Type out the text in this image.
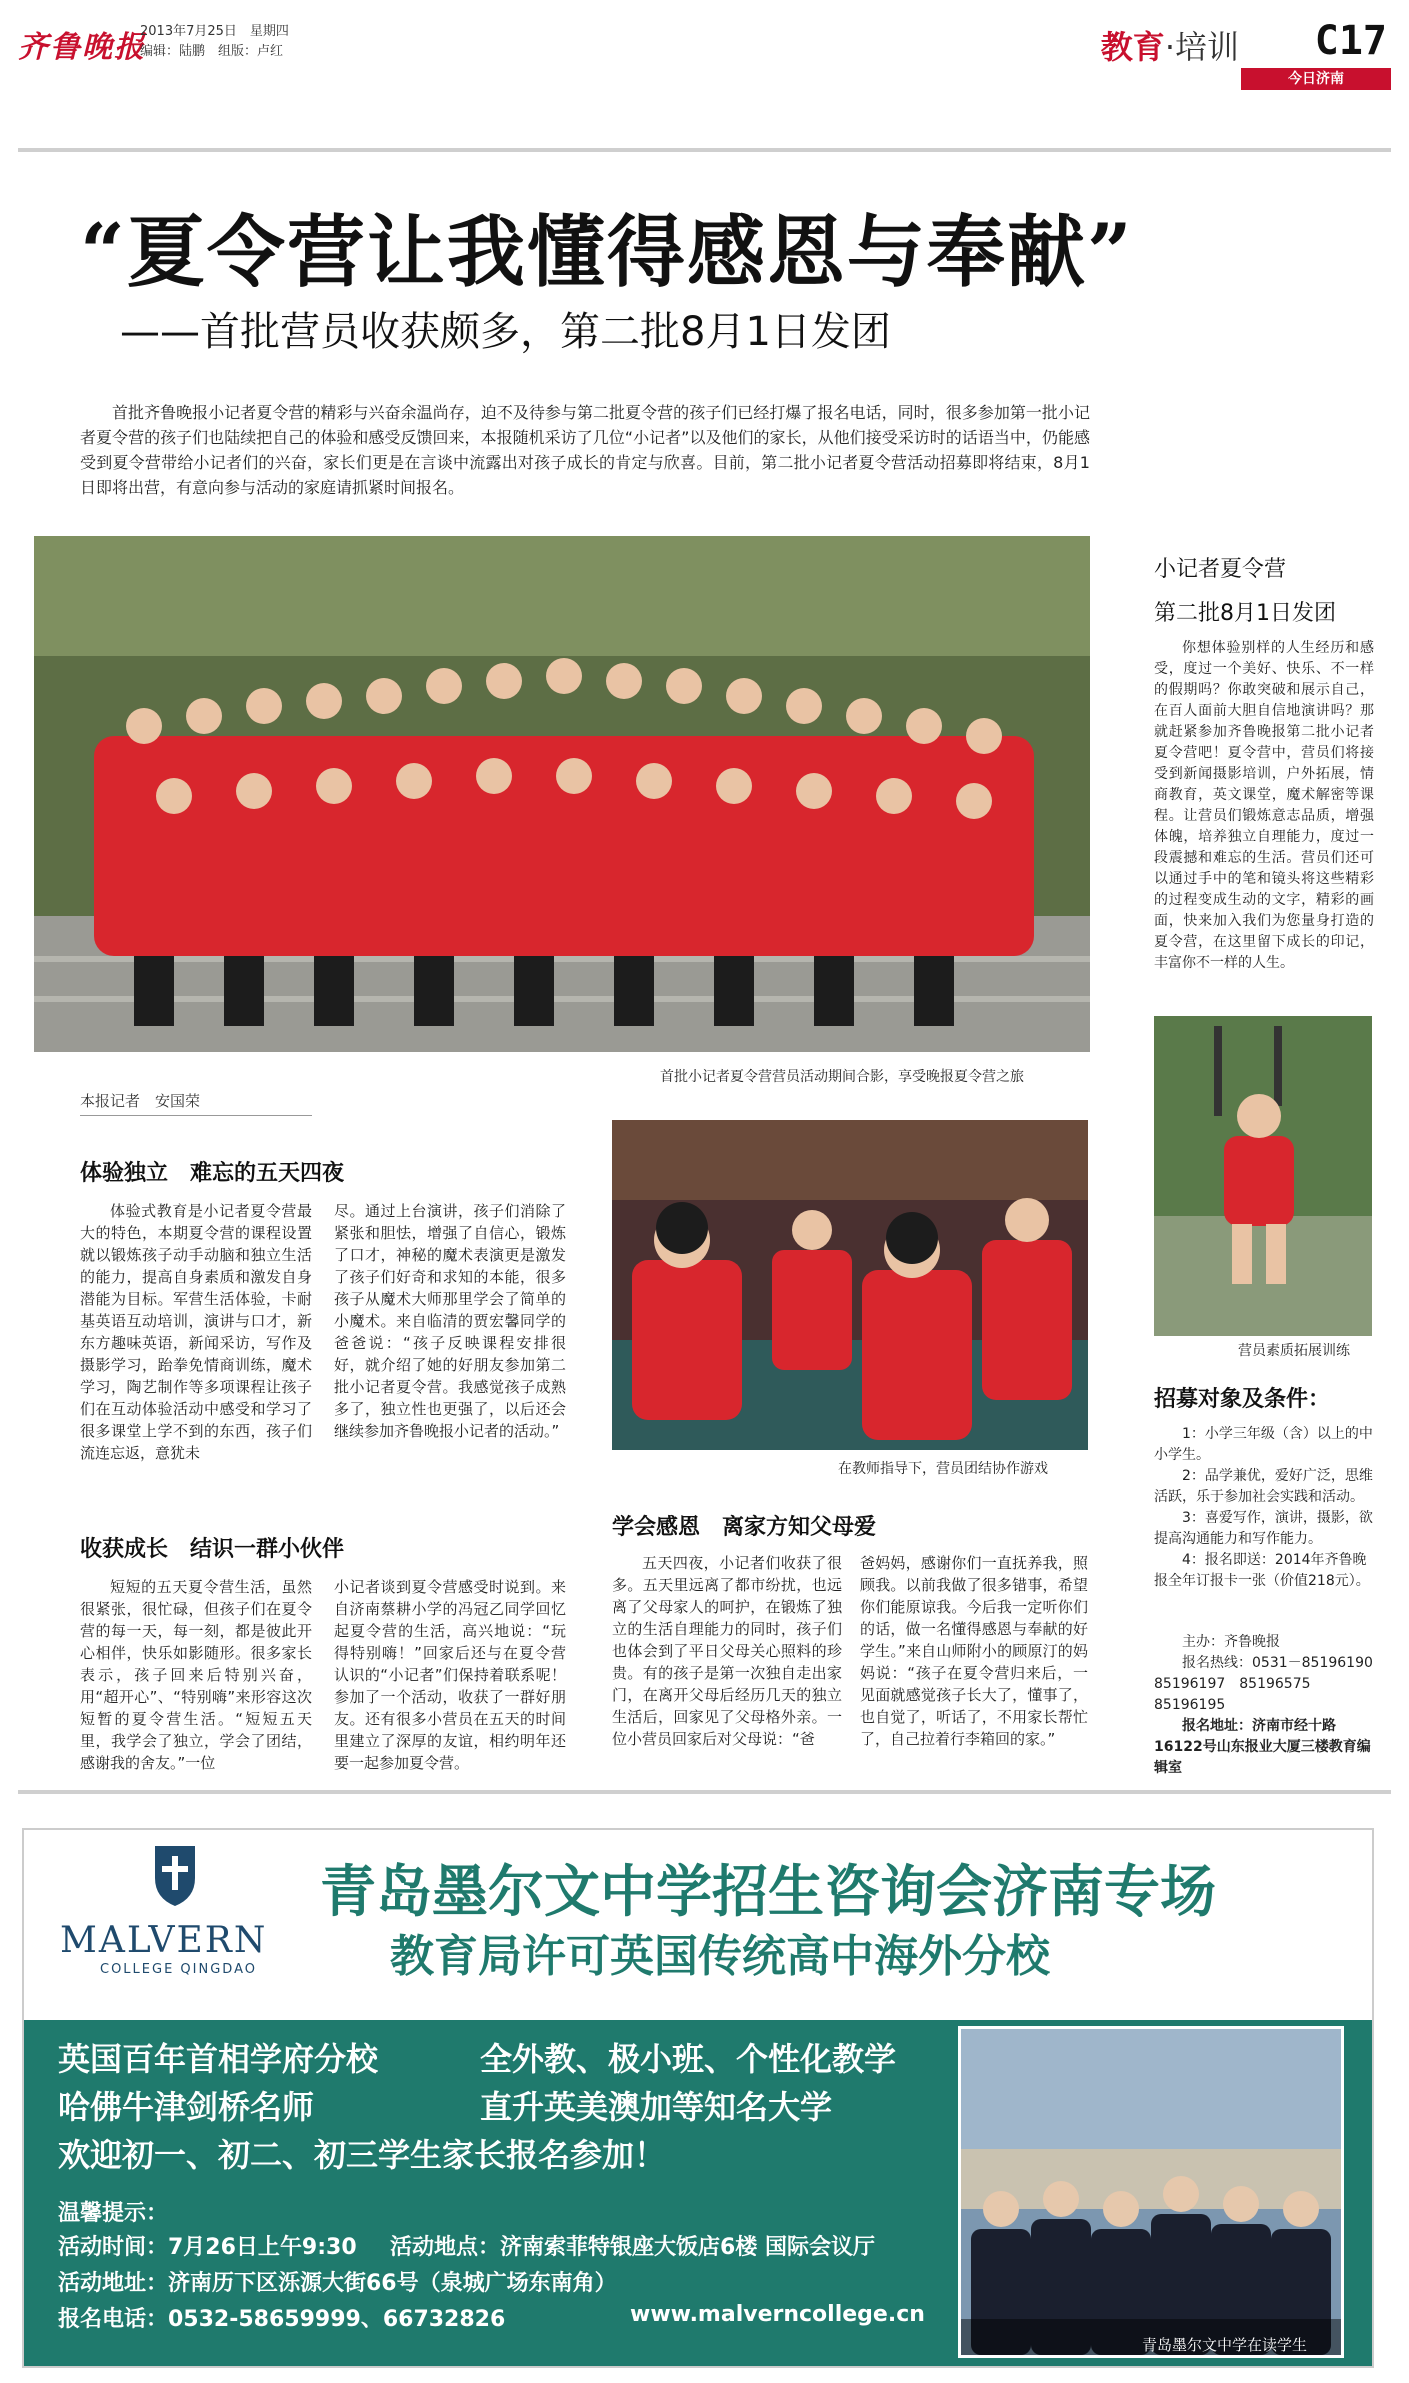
齐鲁晚报
2013年7月25日　星期四
编辑：陆鹏　组版：卢红	教育·培训 C17
今日济南
“夏令营让我懂得感恩与奉献”
——首批营员收获颇多，第二批8月1日发团
首批齐鲁晚报小记者夏令营的精彩与兴奋余温尚存，迫不及待参与第二批夏令营的孩子们已经打爆了报名电话，同时，很多参加第一批小记者夏令营的孩子们也陆续把自己的体验和感受反馈回来，本报随机采访了几位“小记者”以及他们的家长，从他们接受采访时的话语当中，仍能感受到夏令营带给小记者们的兴奋，家长们更是在言谈中流露出对孩子成长的肯定与欣喜。目前，第二批小记者夏令营活动招募即将结束，8月1日即将出营，有意向参与活动的家庭请抓紧时间报名。
首批小记者夏令营营员活动期间合影，享受晚报夏令营之旅
本报记者　安国荣
体验独立　难忘的五天四夜
体验式教育是小记者夏令营最大的特色，本期夏令营的课程设置就以锻炼孩子动手动脑和独立生活的能力，提高自身素质和激发自身潜能为目标。军营生活体验，卡耐基英语互动培训，演讲与口才，新东方趣味英语，新闻采访，写作及摄影学习，跆拳免情商训练，魔术学习，陶艺制作等多项课程让孩子们在互动体验活动中感受和学习了很多课堂上学不到的东西，孩子们流连忘返，意犹未
尽。通过上台演讲，孩子们消除了紧张和胆怯，增强了自信心，锻炼了口才，神秘的魔术表演更是激发了孩子们好奇和求知的本能，很多孩子从魔术大师那里学会了简单的小魔术。来自临清的贾宏馨同学的爸爸说：“孩子反映课程安排很好，就介绍了她的好朋友参加第二批小记者夏令营。我感觉孩子成熟多了，独立性也更强了，以后还会继续参加齐鲁晚报小记者的活动。”
收获成长　结识一群小伙伴
短短的五天夏令营生活，虽然很紧张，很忙碌，但孩子们在夏令营的每一天，每一刻，都是彼此开心相伴，快乐如影随形。很多家长表示，孩子回来后特别兴奋，用“超开心”、“特别嗨”来形容这次短暂的夏令营生活。“短短五天里，我学会了独立，学会了团结，感谢我的舍友。”一位
小记者谈到夏令营感受时说到。来自济南蔡耕小学的冯冠乙同学回忆起夏令营的生活，高兴地说：“玩得特别嗨！”回家后还与在夏令营认识的“小记者”们保持着联系呢！参加了一个活动，收获了一群好朋友。还有很多小营员在五天的时间里建立了深厚的友谊，相约明年还要一起参加夏令营。
在教师指导下，营员团结协作游戏
学会感恩　离家方知父母爱
五天四夜，小记者们收获了很多。五天里远离了都市纷扰，也远离了父母家人的呵护，在锻炼了独立的生活自理能力的同时，孩子们也体会到了平日父母关心照料的珍贵。有的孩子是第一次独自走出家门，在离开父母后经历几天的独立生活后，回家见了父母格外亲。一位小营员回家后对父母说：“爸
爸妈妈，感谢你们一直抚养我，照顾我。以前我做了很多错事，希望你们能原谅我。今后我一定听你们的话，做一名懂得感恩与奉献的好学生。”来自山师附小的顾原汀的妈妈说：“孩子在夏令营归来后，一见面就感觉孩子长大了，懂事了，也自觉了，听话了，不用家长帮忙了，自己拉着行李箱回的家。”
小记者夏令营
第二批8月1日发团
你想体验别样的人生经历和感受，度过一个美好、快乐、不一样的假期吗？你敢突破和展示自己，在百人面前大胆自信地演讲吗？那就赶紧参加齐鲁晚报第二批小记者夏令营吧！夏令营中，营员们将接受到新闻摄影培训，户外拓展，情商教育，英文课堂，魔术解密等课程。让营员们锻炼意志品质，增强体魄，培养独立自理能力，度过一段震撼和难忘的生活。营员们还可以通过手中的笔和镜头将这些精彩的过程变成生动的文字，精彩的画面，快来加入我们为您量身打造的夏令营，在这里留下成长的印记，丰富你不一样的人生。
营员素质拓展训练
招募对象及条件：
1：小学三年级（含）以上的中小学生。
2：品学兼优，爱好广泛，思维活跃，乐于参加社会实践和活动。
3：喜爱写作，演讲，摄影，欲提高沟通能力和写作能力。
4：报名即送：2014年齐鲁晚报全年订报卡一张（价值218元）。
主办：齐鲁晚报
报名热线：0531－85196190　85196197　85196575　85196195
报名地址：济南市经十路16122号山东报业大厦三楼教育编辑室
MALVERN
COLLEGE QINGDAO
青岛墨尔文中学招生咨询会济南专场
教育局许可英国传统高中海外分校
英国百年首相学府分校	全外教、极小班、个性化教学
哈佛牛津剑桥名师	直升英美澳加等知名大学
欢迎初一、初二、初三学生家长报名参加！
温馨提示：
活动时间：7月26日上午9:30 活动地点：济南索菲特银座大饭店6楼 国际会议厅
活动地址：济南历下区泺源大街66号（泉城广场东南角）
报名电话：0532-58659999、66732826	www.malverncollege.cn
青岛墨尔文中学在读学生
